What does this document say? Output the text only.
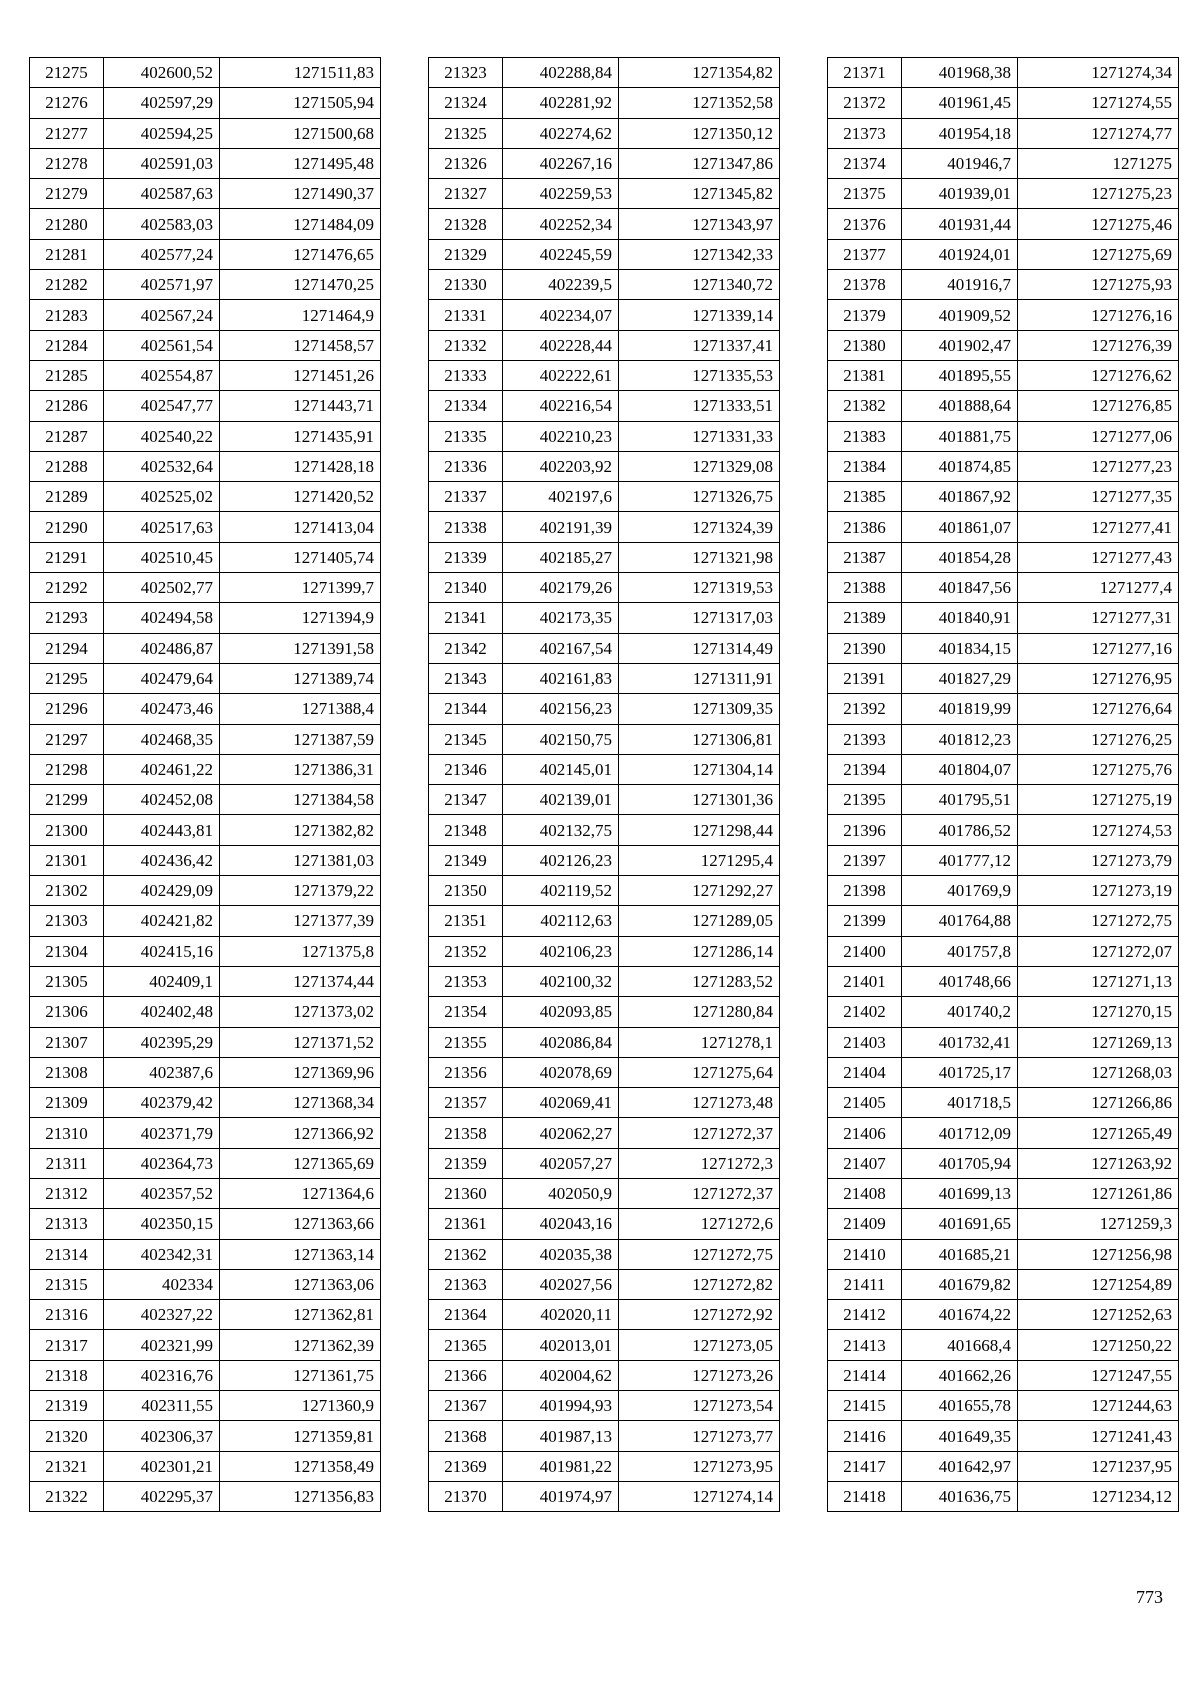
21275	402600,52	1271511,83
21276	402597,29	1271505,94
21277	402594,25	1271500,68
21278	402591,03	1271495,48
21279	402587,63	1271490,37
21280	402583,03	1271484,09
21281	402577,24	1271476,65
21282	402571,97	1271470,25
21283	402567,24	1271464,9
21284	402561,54	1271458,57
21285	402554,87	1271451,26
21286	402547,77	1271443,71
21287	402540,22	1271435,91
21288	402532,64	1271428,18
21289	402525,02	1271420,52
21290	402517,63	1271413,04
21291	402510,45	1271405,74
21292	402502,77	1271399,7
21293	402494,58	1271394,9
21294	402486,87	1271391,58
21295	402479,64	1271389,74
21296	402473,46	1271388,4
21297	402468,35	1271387,59
21298	402461,22	1271386,31
21299	402452,08	1271384,58
21300	402443,81	1271382,82
21301	402436,42	1271381,03
21302	402429,09	1271379,22
21303	402421,82	1271377,39
21304	402415,16	1271375,8
21305	402409,1	1271374,44
21306	402402,48	1271373,02
21307	402395,29	1271371,52
21308	402387,6	1271369,96
21309	402379,42	1271368,34
21310	402371,79	1271366,92
21311	402364,73	1271365,69
21312	402357,52	1271364,6
21313	402350,15	1271363,66
21314	402342,31	1271363,14
21315	402334	1271363,06
21316	402327,22	1271362,81
21317	402321,99	1271362,39
21318	402316,76	1271361,75
21319	402311,55	1271360,9
21320	402306,37	1271359,81
21321	402301,21	1271358,49
21322	402295,37	1271356,83
21323	402288,84	1271354,82
21324	402281,92	1271352,58
21325	402274,62	1271350,12
21326	402267,16	1271347,86
21327	402259,53	1271345,82
21328	402252,34	1271343,97
21329	402245,59	1271342,33
21330	402239,5	1271340,72
21331	402234,07	1271339,14
21332	402228,44	1271337,41
21333	402222,61	1271335,53
21334	402216,54	1271333,51
21335	402210,23	1271331,33
21336	402203,92	1271329,08
21337	402197,6	1271326,75
21338	402191,39	1271324,39
21339	402185,27	1271321,98
21340	402179,26	1271319,53
21341	402173,35	1271317,03
21342	402167,54	1271314,49
21343	402161,83	1271311,91
21344	402156,23	1271309,35
21345	402150,75	1271306,81
21346	402145,01	1271304,14
21347	402139,01	1271301,36
21348	402132,75	1271298,44
21349	402126,23	1271295,4
21350	402119,52	1271292,27
21351	402112,63	1271289,05
21352	402106,23	1271286,14
21353	402100,32	1271283,52
21354	402093,85	1271280,84
21355	402086,84	1271278,1
21356	402078,69	1271275,64
21357	402069,41	1271273,48
21358	402062,27	1271272,37
21359	402057,27	1271272,3
21360	402050,9	1271272,37
21361	402043,16	1271272,6
21362	402035,38	1271272,75
21363	402027,56	1271272,82
21364	402020,11	1271272,92
21365	402013,01	1271273,05
21366	402004,62	1271273,26
21367	401994,93	1271273,54
21368	401987,13	1271273,77
21369	401981,22	1271273,95
21370	401974,97	1271274,14
21371	401968,38	1271274,34
21372	401961,45	1271274,55
21373	401954,18	1271274,77
21374	401946,7	1271275
21375	401939,01	1271275,23
21376	401931,44	1271275,46
21377	401924,01	1271275,69
21378	401916,7	1271275,93
21379	401909,52	1271276,16
21380	401902,47	1271276,39
21381	401895,55	1271276,62
21382	401888,64	1271276,85
21383	401881,75	1271277,06
21384	401874,85	1271277,23
21385	401867,92	1271277,35
21386	401861,07	1271277,41
21387	401854,28	1271277,43
21388	401847,56	1271277,4
21389	401840,91	1271277,31
21390	401834,15	1271277,16
21391	401827,29	1271276,95
21392	401819,99	1271276,64
21393	401812,23	1271276,25
21394	401804,07	1271275,76
21395	401795,51	1271275,19
21396	401786,52	1271274,53
21397	401777,12	1271273,79
21398	401769,9	1271273,19
21399	401764,88	1271272,75
21400	401757,8	1271272,07
21401	401748,66	1271271,13
21402	401740,2	1271270,15
21403	401732,41	1271269,13
21404	401725,17	1271268,03
21405	401718,5	1271266,86
21406	401712,09	1271265,49
21407	401705,94	1271263,92
21408	401699,13	1271261,86
21409	401691,65	1271259,3
21410	401685,21	1271256,98
21411	401679,82	1271254,89
21412	401674,22	1271252,63
21413	401668,4	1271250,22
21414	401662,26	1271247,55
21415	401655,78	1271244,63
21416	401649,35	1271241,43
21417	401642,97	1271237,95
21418	401636,75	1271234,12
773
